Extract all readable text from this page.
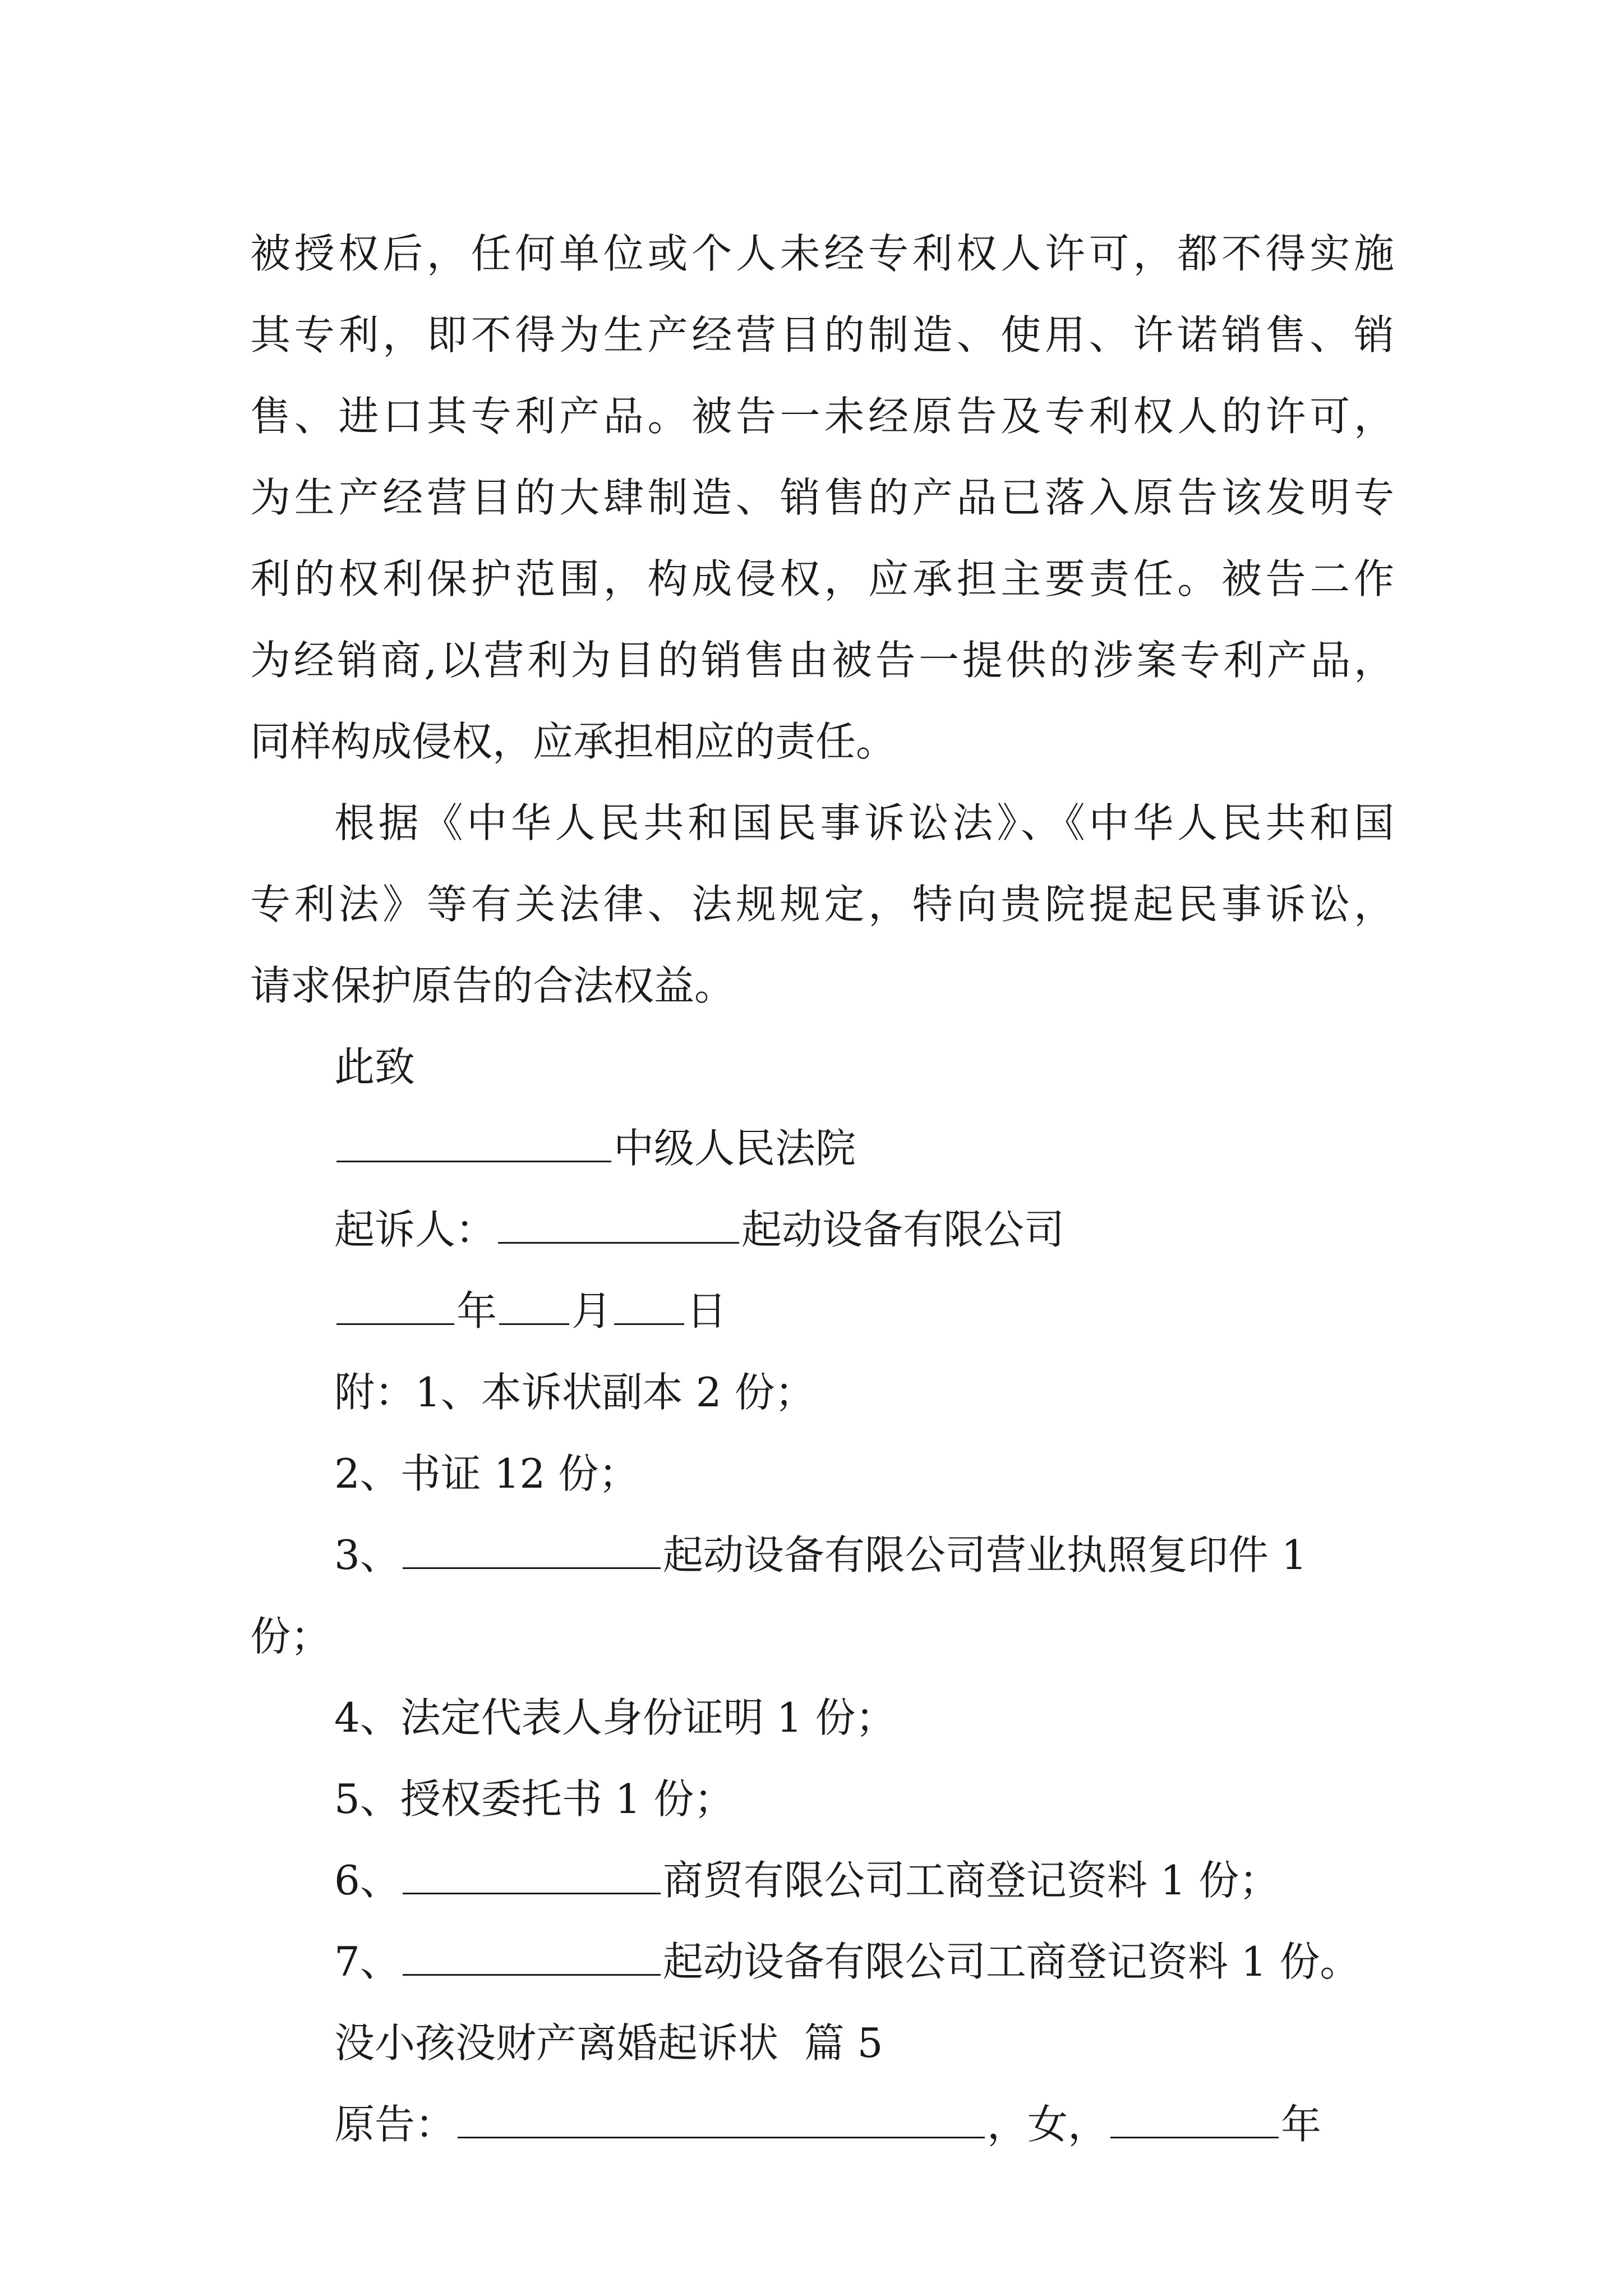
被授权后，任何单位或个人未经专利权人许可，都不得实施

其专利，即不得为生产经营目的制造、使用、许诺销售、销

售、进口其专利产品。被告一未经原告及专利权人的许可，

为生产经营目的大肆制造、销售的产品已落入原告该发明专

利的权利保护范围，构成侵权，应承担主要责任。被告二作

为经销商,以营利为目的销售由被告一提供的涉案专利产品，

同样构成侵权，应承担相应的责任。

根据《中华人民共和国民事诉讼法》、《中华人民共和国

专利法》等有关法律、法规规定，特向贵院提起民事诉讼，

请求保护原告的合法权益。

此致

中级人民法院

起诉人：	起动设备有限公司

年 月 日

附：1、本诉状副本 2 份；

2、书证 12 份；

3、	起动设备有限公司营业执照复印件 1

份；

4、法定代表人身份证明 1 份；

5、授权委托书 1 份；

6、	商贸有限公司工商登记资料 1 份；

7、	起动设备有限公司工商登记资料 1 份。

没小孩没财产离婚起诉状  篇 5

原告：	，女，	年
